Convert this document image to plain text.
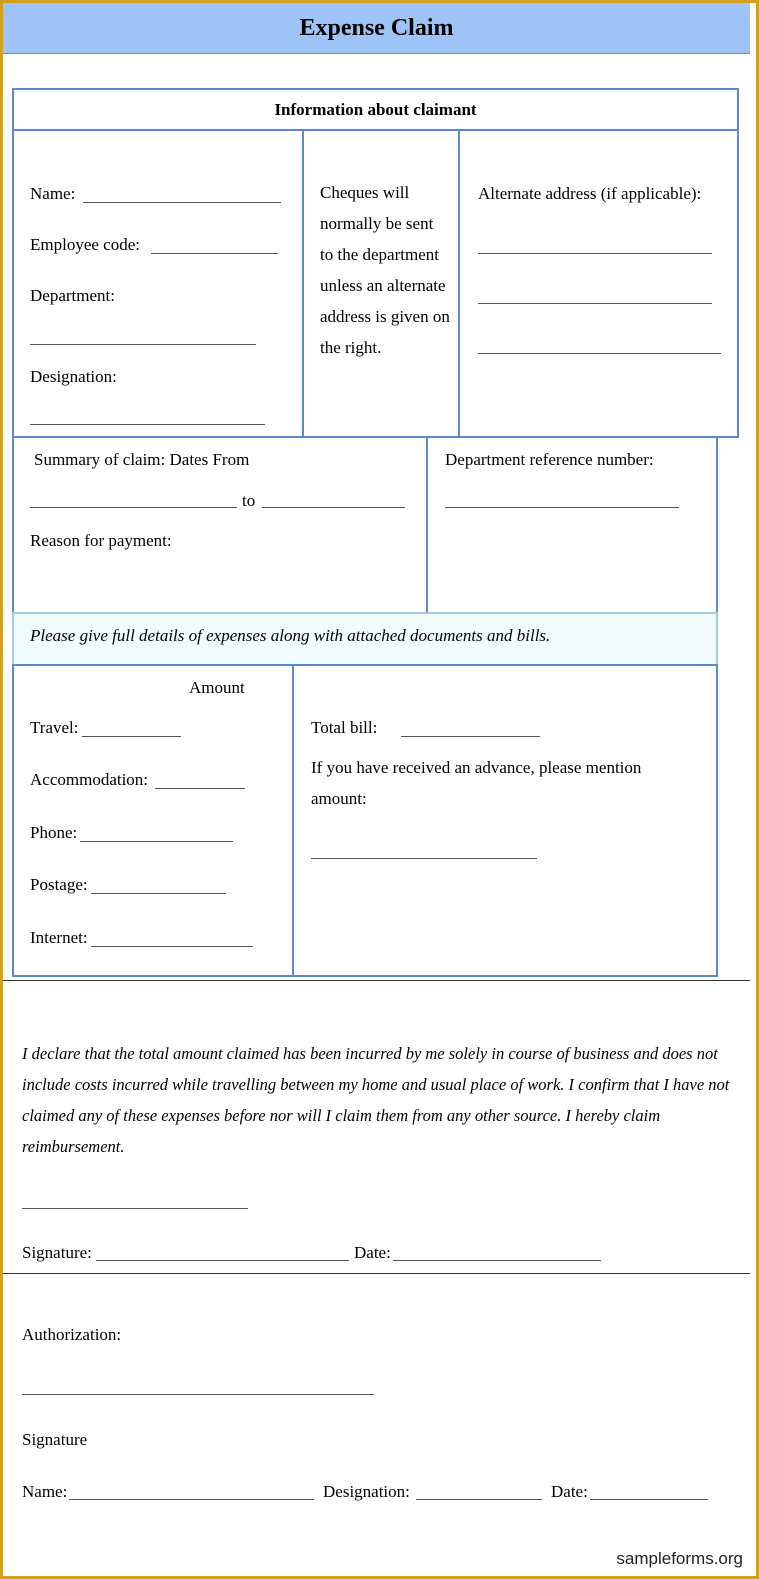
Expense Claim
Information about claimant
Name:
Employee code:
Department:
Designation:
Cheques will normally be sent to the department unless an alternate address is given on the right.
Alternate address (if applicable):
Summary of claim: Dates From
to
Reason for payment:
Department reference number:
Please give full details of expenses along with attached documents and bills.
Amount
Travel:
Accommodation:
Phone:
Postage:
Internet:
Total bill:
If you have received an advance, please mention amount:
I declare that the total amount claimed has been incurred by me solely in course of business and does not include costs incurred while travelling between my home and usual place of work. I confirm that I have not claimed any of these expenses before nor will I claim them from any other source. I hereby claim reimbursement.
Signature:	Date:
Authorization:
Signature
Name:	Designation:	Date:
sampleforms.org
